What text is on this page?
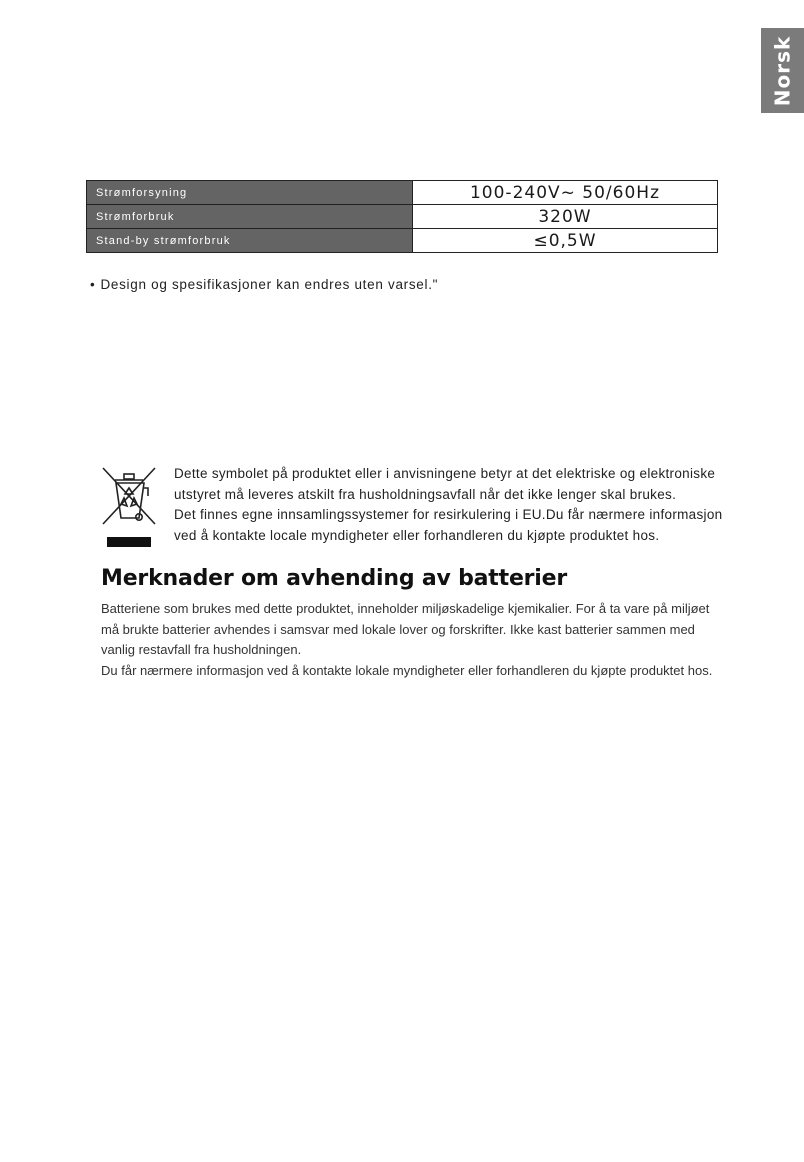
Norsk
Strømforsyning	100-240V~ 50/60Hz
Strømforbruk	320W
Stand-by strømforbruk	≤0,5W
• Design og spesifikasjoner kan endres uten varsel."

Dette symbolet på produktet eller i anvisningene betyr at det elektriske og elektroniske

utstyret må leveres atskilt fra husholdningsavfall når det ikke lenger skal brukes.

Det finnes egne innsamlingssystemer for resirkulering i EU.Du får nærmere informasjon

ved å kontakte locale myndigheter eller forhandleren du kjøpte produktet hos.

Merknader om avhending av batterier

Batteriene som brukes med dette produktet, inneholder miljøskadelige kjemikalier. For å ta vare på miljøet

må brukte batterier avhendes i samsvar med lokale lover og forskrifter. Ikke kast batterier sammen med

vanlig restavfall fra husholdningen.

Du får nærmere informasjon ved å kontakte lokale myndigheter eller forhandleren du kjøpte produktet hos.
